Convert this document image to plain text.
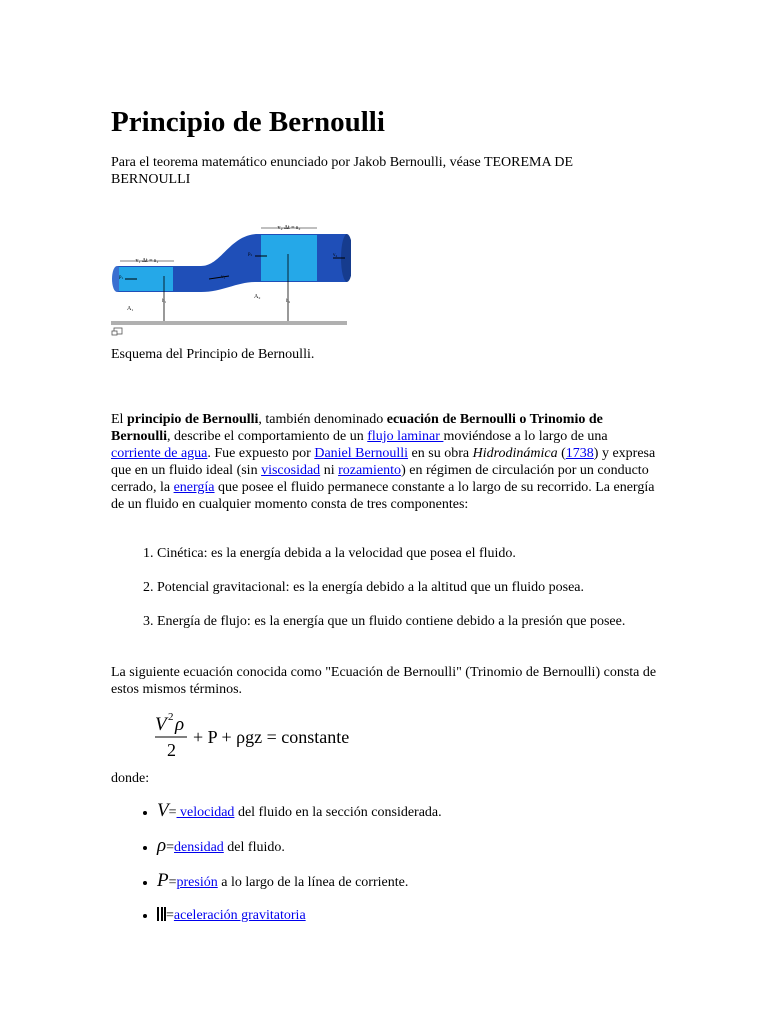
Principio de Bernoulli

Para el teorema matemático enunciado por Jakob Bernoulli, véase TEOREMA DE BERNOULLI

v₁ Δt = s₁
v₂ Δt = s₂
A₁
A₂
h₁	h₂
p₁
p₂
v₁
v₂

Esquema del Principio de Bernoulli.

El principio de Bernoulli, también denominado ecuación de Bernoulli o Trinomio de Bernoulli, describe el comportamiento de un flujo laminar moviéndose a lo largo de una corriente de agua. Fue expuesto por Daniel Bernoulli en su obra Hidrodinámica (1738) y expresa que en un fluido ideal (sin viscosidad ni rozamiento) en régimen de circulación por un conducto cerrado, la energía que posee el fluido permanece constante a lo largo de su recorrido. La energía de un fluido en cualquier momento consta de tres componentes:

1. Cinética: es la energía debida a la velocidad que posea el fluido.
2. Potencial gravitacional: es la energía debido a la altitud que un fluido posea.
3. Energía de flujo: es la energía que un fluido contiene debido a la presión que posee.

La siguiente ecuación conocida como "Ecuación de Bernoulli" (Trinomio de Bernoulli) consta de estos mismos términos.

V 2 ρ
2
+ P + ρgz = constante

donde:

• V= velocidad del fluido en la sección considerada.
• ρ=densidad del fluido.
• P=presión a lo largo de la línea de corriente.
• =aceleración gravitatoria
